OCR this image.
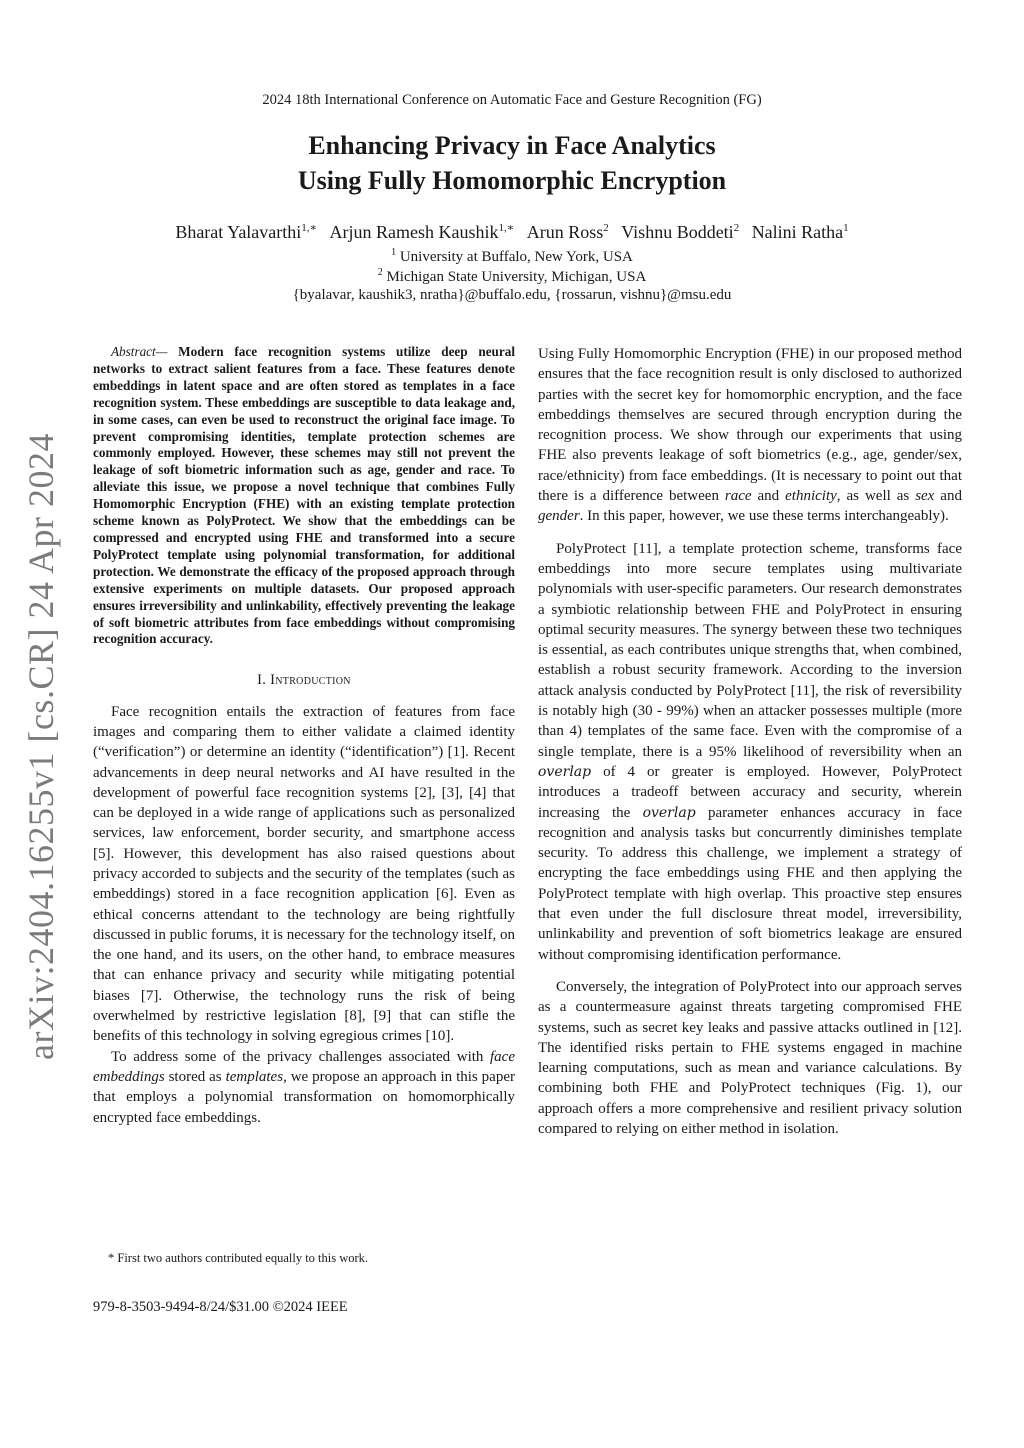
2024 18th International Conference on Automatic Face and Gesture Recognition (FG)
Enhancing Privacy in Face Analytics
Using Fully Homomorphic Encryption
Bharat Yalavarthi$^{1,∗}$ Arjun Ramesh Kaushik$^{1,∗}$ Arun Ross$^2$ Vishnu Boddeti$^2$ Nalini Ratha$^1$
$^1$ University at Buffalo, New York, USA
$^2$ Michigan State University, Michigan, USA
{byalavar, kaushik3, nratha}@buffalo.edu, {rossarun, vishnu}@msu.edu
arXiv:2404.16255v1 [cs.CR] 24 Apr 2024

Abstract— Modern face recognition systems utilize deep neural networks to extract salient features from a face. These features denote embeddings in latent space and are often stored as templates in a face recognition system. These embeddings are susceptible to data leakage and, in some cases, can even be used to reconstruct the original face image. To prevent compromising identities, template protection schemes are commonly employed. However, these schemes may still not prevent the leakage of soft biometric information such as age, gender and race. To alleviate this issue, we propose a novel technique that combines Fully Homomorphic Encryption (FHE) with an existing template protection scheme known as PolyProtect. We show that the embeddings can be compressed and encrypted using FHE and transformed into a secure PolyProtect template using polynomial transformation, for additional protection. We demonstrate the efficacy of the proposed approach through extensive experiments on multiple datasets. Our proposed approach ensures irreversibility and unlinkability, effectively preventing the leakage of soft biometric attributes from face embeddings without compromising recognition accuracy.

I. Introduction

Face recognition entails the extraction of features from face images and comparing them to either validate a claimed identity (“verification”) or determine an identity (“identification”) [1]. Recent advancements in deep neural networks and AI have resulted in the development of powerful face recognition systems [2], [3], [4] that can be deployed in a wide range of applications such as personalized services, law enforcement, border security, and smartphone access [5]. However, this development has also raised questions about privacy accorded to subjects and the security of the templates (such as embeddings) stored in a face recognition application [6]. Even as ethical concerns attendant to the technology are being rightfully discussed in public forums, it is necessary for the technology itself, on the one hand, and its users, on the other hand, to embrace measures that can enhance privacy and security while mitigating potential biases [7]. Otherwise, the technology runs the risk of being overwhelmed by restrictive legislation [8], [9] that can stifle the benefits of this technology in solving egregious crimes [10].

To address some of the privacy challenges associated with face embeddings stored as templates, we propose an approach in this paper that employs a polynomial transformation on homomorphically encrypted face embeddings.

Using Fully Homomorphic Encryption (FHE) in our proposed method ensures that the face recognition result is only disclosed to authorized parties with the secret key for homomorphic encryption, and the face embeddings themselves are secured through encryption during the recognition process. We show through our experiments that using FHE also prevents leakage of soft biometrics (e.g., age, gender/sex, race/ethnicity) from face embeddings. (It is necessary to point out that there is a difference between race and ethnicity, as well as sex and gender. In this paper, however, we use these terms interchangeably).

PolyProtect [11], a template protection scheme, transforms face embeddings into more secure templates using multivariate polynomials with user-specific parameters. Our research demonstrates a symbiotic relationship between FHE and PolyProtect in ensuring optimal security measures. The synergy between these two techniques is essential, as each contributes unique strengths that, when combined, establish a robust security framework. According to the inversion attack analysis conducted by PolyProtect [11], the risk of reversibility is notably high (30 - 99%) when an attacker possesses multiple (more than 4) templates of the same face. Even with the compromise of a single template, there is a 95% likelihood of reversibility when an overlap of 4 or greater is employed. However, PolyProtect introduces a tradeoff between accuracy and security, wherein increasing the overlap parameter enhances accuracy in face recognition and analysis tasks but concurrently diminishes template security. To address this challenge, we implement a strategy of encrypting the face embeddings using FHE and then applying the PolyProtect template with high overlap. This proactive step ensures that even under the full disclosure threat model, irreversibility, unlinkability and prevention of soft biometrics leakage are ensured without compromising identification performance.

Conversely, the integration of PolyProtect into our approach serves as a countermeasure against threats targeting compromised FHE systems, such as secret key leaks and passive attacks outlined in [12]. The identified risks pertain to FHE systems engaged in machine learning computations, such as mean and variance calculations. By combining both FHE and PolyProtect techniques (Fig. 1), our approach offers a more comprehensive and resilient privacy solution compared to relying on either method in isolation.

* First two authors contributed equally to this work.
979-8-3503-9494-8/24/$31.00 ©2024 IEEE
